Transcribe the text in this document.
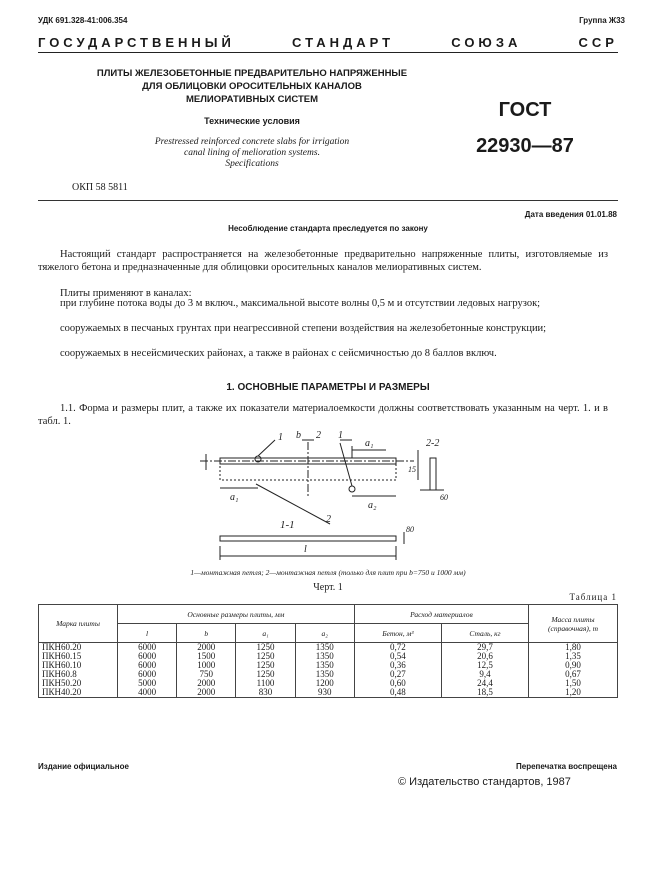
УДК 691.328-41:006.354	Группа Ж33
ГОСУДАРСТВЕННЫЙ	СТАНДАРТ	СОЮЗА	ССР
ПЛИТЫ ЖЕЛЕЗОБЕТОННЫЕ ПРЕДВАРИТЕЛЬНО НАПРЯЖЕННЫЕ
ДЛЯ ОБЛИЦОВКИ ОРОСИТЕЛЬНЫХ КАНАЛОВ
МЕЛИОРАТИВНЫХ СИСТЕМ
Технические условия
Prestressed reinforced concrete slabs for irrigation
canal lining of melioration systems.
Specifications
ГОСТ
22930—87
ОКП 58 5811
Дата введения 01.01.88
Несоблюдение стандарта преследуется по закону
Настоящий стандарт распространяется на железобетонные предварительно напряженные плиты, изготовляемые из тяжелого бетона и предназначенные для облицовки оросительных каналов мелиоративных систем.
Плиты применяют в каналах:
при глубине потока воды до 3 м включ., максимальной высоте волны 0,5 м и отсутствии ледовых нагрузок;
сооружаемых в песчаных грунтах при неагрессивной степени воздействия на железобетонные конструкции;
сооружаемых в несейсмических районах, а также в районах с сейсмичностью до 8 баллов включ.
1. ОСНОВНЫЕ ПАРАМЕТРЫ И РАЗМЕРЫ
1.1. Форма и размеры плит, а также их показатели материалоемкости должны соответствовать указанным на черт. 1. и в табл. 1.
b 2 1
1
a₁
a₁
a₂
2-2
15
60
2
1-1	80
l
1—монтажная петля; 2—монтажная петля (только для плит при b=750 и 1000 мм)
Черт. 1
Таблица 1
Марка плиты	Основные размеры плиты, мм				Расход материалов		Масса плиты (справочная), т
	l	b	a₁	a₂	Бетон, м³	Сталь, кг	
ПКН60.20	6000	2000	1250	1350	0,72	29,7	1,80
ПКН60.15	6000	1500	1250	1350	0,54	20,6	1,35
ПКН60.10	6000	1000	1250	1350	0,36	12,5	0,90
ПКН60.8	6000	750	1250	1350	0,27	9,4	0,67
ПКН50.20	5000	2000	1100	1200	0,60	24,4	1,50
ПКН40.20	4000	2000	830	930	0,48	18,5	1,20
Издание официальное	Перепечатка воспрещена
© Издательство стандартов, 1987
